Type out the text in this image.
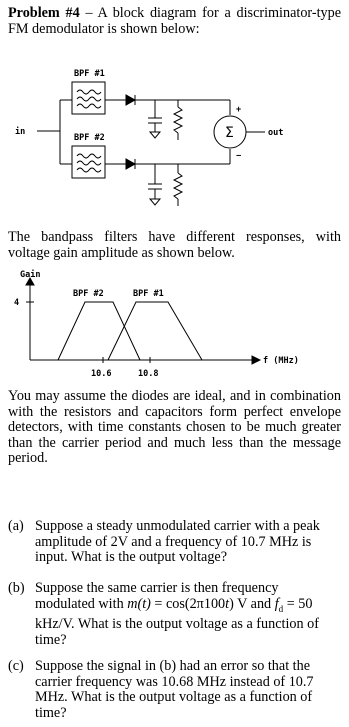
Problem #4 – A block diagram for a discriminator-type FM demodulator is shown below:

BPF #1
BPF #2
in	out
Σ
+
−

The bandpass filters have different responses, with voltage gain amplitude as shown below.

Gain
4
BPF #2	BPF #1
f (MHz)
10.6	10.8

You may assume the diodes are ideal, and in combination with the resistors and capacitors form perfect envelope detectors, with time constants chosen to be much greater than the carrier period and much less than the message period.

(a) Suppose a steady unmodulated carrier with a peak amplitude of 2V and a frequency of 10.7 MHz is input. What is the output voltage?
(b) Suppose the same carrier is then frequency modulated with m(t) = cos(2π100t) V and $f_d = 50$ kHz/V. What is the output voltage as a function of time?
(c) Suppose the signal in (b) had an error so that the carrier frequency was 10.68 MHz instead of 10.7 MHz. What is the output voltage as a function of time?
